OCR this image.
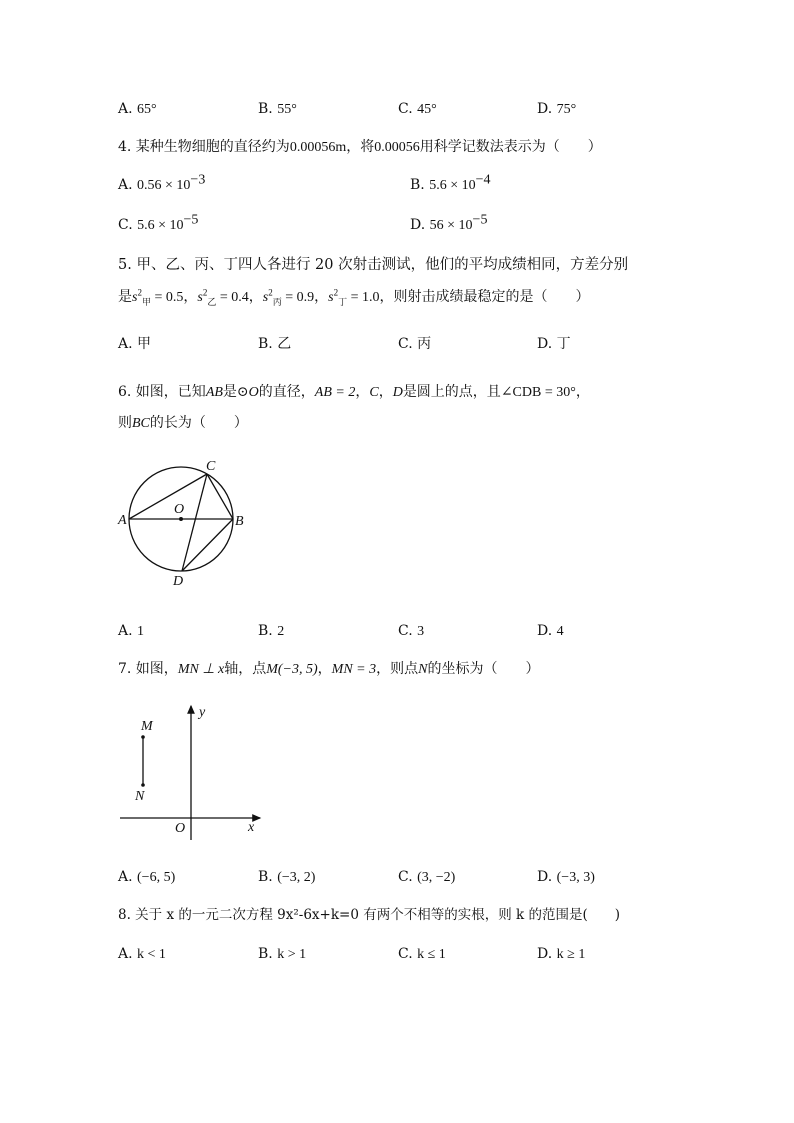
A. 65°	B. 55°	C. 45°	D. 75°
4. 某种生物细胞的直径约为0.00056m，将0.00056用科学记数法表示为（　　）
A. $0.56 \times 10^{-3}$	B. $5.6 \times 10^{-4}$
C. $5.6 \times 10^{-5}$	D. $56 \times 10^{-5}$
5. 甲、乙、丙、丁四人各进行 20 次射击测试，他们的平均成绩相同，方差分别
是$s^2_甲 = 0.5$，$s^2_乙 = 0.4$，$s^2_丙 = 0.9$，$s^2_丁 = 1.0$，则射击成绩最稳定的是（　　）
A. 甲	B. 乙	C. 丙	D. 丁
6. 如图，已知AB是⊙O的直径，AB = 2，C，D是圆上的点，且∠CDB = 30°，
则BC的长为（　　）
A	B
C
D
O
A. 1	B. 2	C. 3	D. 4
7. 如图，MN ⊥ x轴，点M(−3, 5)，MN = 3，则点N的坐标为（　　）
M
N
O	x
y
A. (−6, 5)	B. (−3, 2)	C. (3, −2)	D. (−3, 3)
8. 关于 x 的一元二次方程 9x²-6x+k=0 有两个不相等的实根，则 k 的范围是(　　)
A. k < 1	B. k > 1	C. k ≤ 1	D. k ≥ 1
